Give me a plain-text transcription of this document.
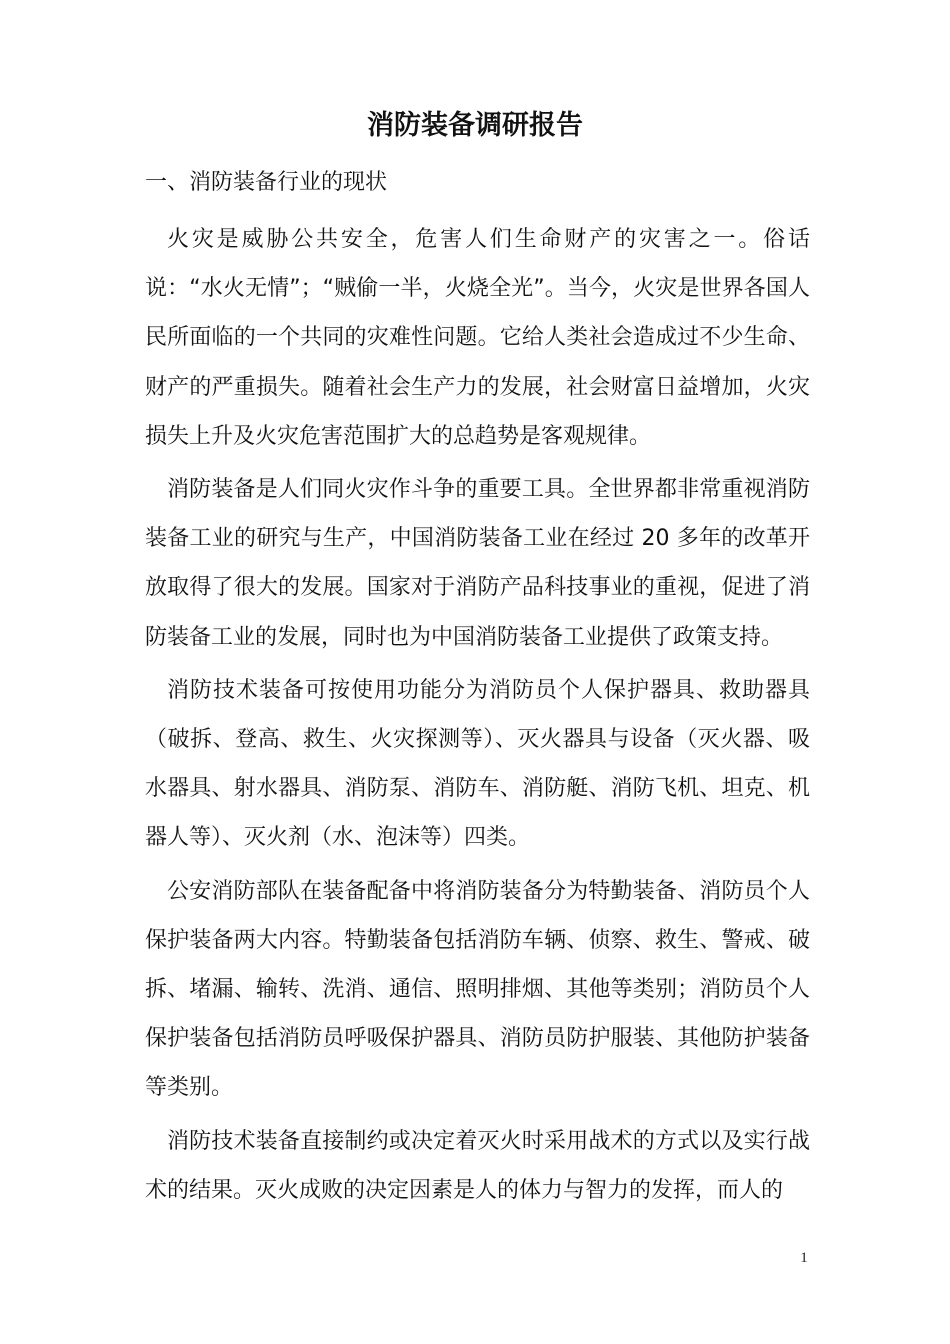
消防装备调研报告
一、消防装备行业的现状

火灾是威胁公共安全，危害人们生命财产的灾害之一。俗话说：“水火无情”；“贼偷一半，火烧全光”。当今，火灾是世界各国人民所面临的一个共同的灾难性问题。它给人类社会造成过不少生命、财产的严重损失。随着社会生产力的发展，社会财富日益增加，火灾损失上升及火灾危害范围扩大的总趋势是客观规律。

消防装备是人们同火灾作斗争的重要工具。全世界都非常重视消防装备工业的研究与生产，中国消防装备工业在经过 20 多年的改革开放取得了很大的发展。国家对于消防产品科技事业的重视，促进了消防装备工业的发展，同时也为中国消防装备工业提供了政策支持。

消防技术装备可按使用功能分为消防员个人保护器具、救助器具（破拆、登高、救生、火灾探测等）、灭火器具与设备（灭火器、吸水器具、射水器具、消防泵、消防车、消防艇、消防飞机、坦克、机器人等）、灭火剂（水、泡沫等）四类。

公安消防部队在装备配备中将消防装备分为特勤装备、消防员个人保护装备两大内容。特勤装备包括消防车辆、侦察、救生、警戒、破拆、堵漏、输转、洗消、通信、照明排烟、其他等类别；消防员个人保护装备包括消防员呼吸保护器具、消防员防护服装、其他防护装备等类别。

消防技术装备直接制约或决定着灭火时采用战术的方式以及实行战术的结果。灭火成败的决定因素是人的体力与智力的发挥，而人的

1
